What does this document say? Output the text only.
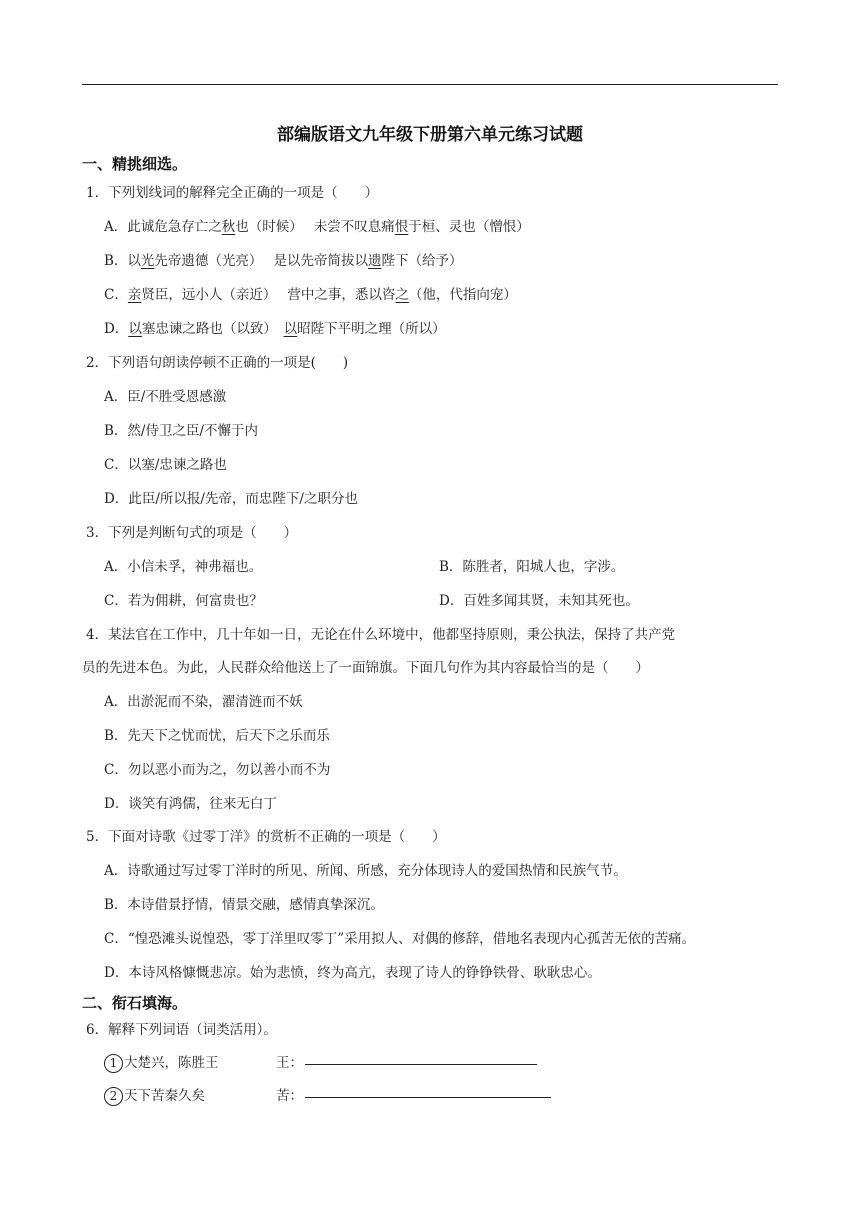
部编版语文九年级下册第六单元练习试题
一、精挑细选。
1．下列划线词的解释完全正确的一项是（　　）
A．此诚危急存亡之秋也（时候）　 未尝不叹息痛恨于桓、灵也（憎恨）
B．以光先帝遗德（光亮）　 是以先帝简拔以遗陛下（给予）
C．亲贤臣，远小人（亲近）　 营中之事，悉以咨之（他，代指向宠）
D．以塞忠谏之路也（以致）　以昭陛下平明之理（所以）
2．下列语句朗读停顿不正确的一项是(　　)
A．臣/不胜受恩感激
B．然/侍卫之臣/不懈于内
C．以塞/忠谏之路也
D．此臣/所以报/先帝，而忠陛下/之职分也
3．下列是判断句式的项是（　　）
A．小信未孚，神弗福也。	B．陈胜者，阳城人也，字涉。
C．若为佣耕，何富贵也？	D．百姓多闻其贤，未知其死也。
4．某法官在工作中，几十年如一日，无论在什么环境中，他都坚持原则，秉公执法，保持了共产党
员的先进本色。为此，人民群众给他送上了一面锦旗。下面几句作为其内容最恰当的是（　　）
A．出淤泥而不染，濯清涟而不妖
B．先天下之忧而忧，后天下之乐而乐
C．勿以恶小而为之，勿以善小而不为
D．谈笑有鸿儒，往来无白丁
5．下面对诗歌《过零丁洋》的赏析不正确的一项是（　　）
A．诗歌通过写过零丁洋时的所见、所闻、所感，充分体现诗人的爱国热情和民族气节。
B．本诗借景抒情，情景交融，感情真挚深沉。
C．“惶恐滩头说惶恐，零丁洋里叹零丁”采用拟人、对偶的修辞，借地名表现内心孤苦无依的苦痛。
D．本诗风格慷慨悲凉。始为悲愤，终为高亢，表现了诗人的铮铮铁骨、耿耿忠心。
二、衔石填海。
6．解释下列词语（词类活用）。
1 大楚兴，陈胜王	王：
2 天下苦秦久矣	苦：
